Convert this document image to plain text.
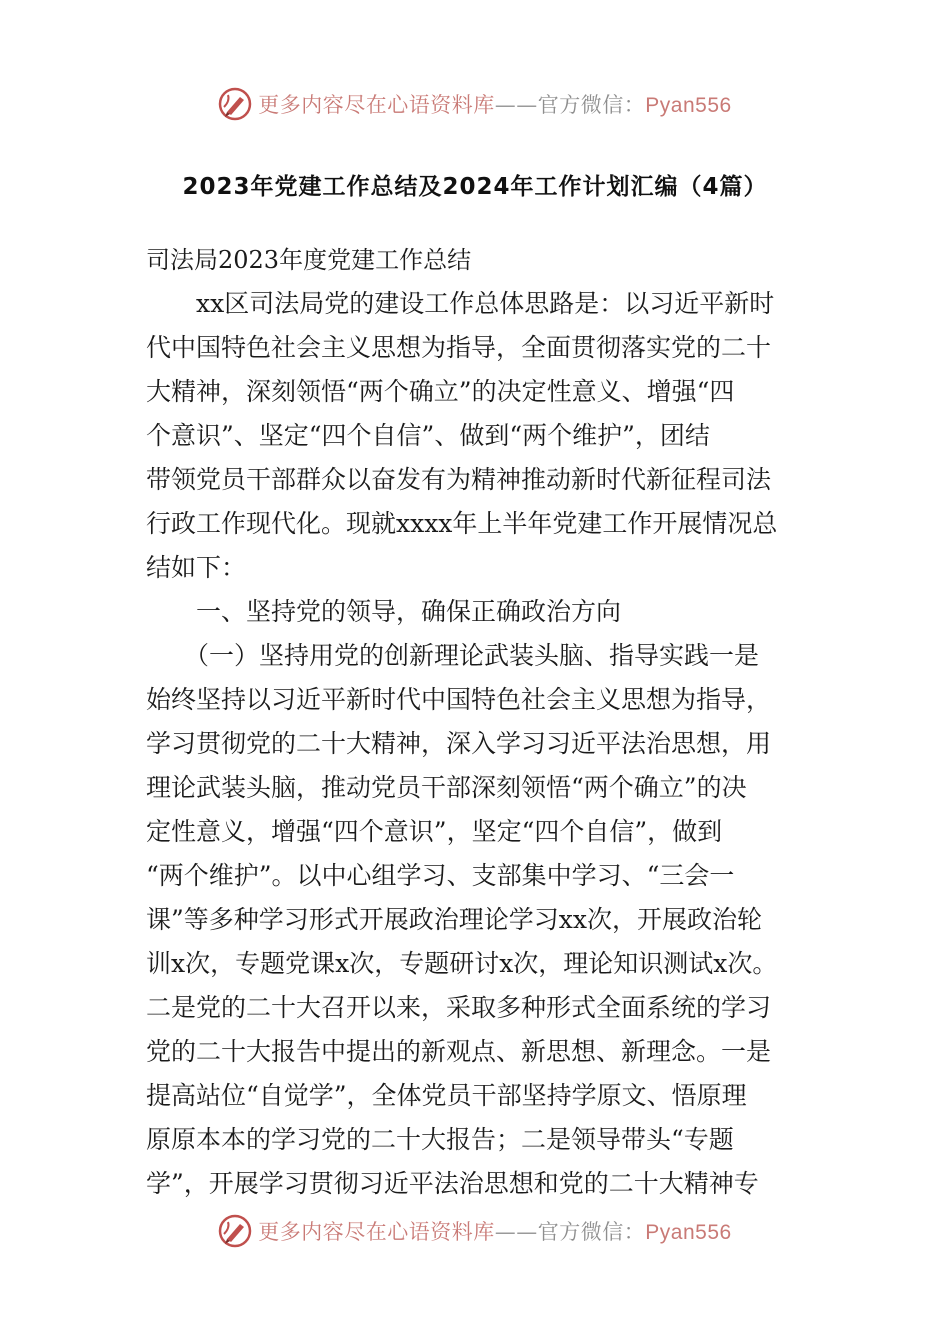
更多内容尽在心语资料库——官方微信：Pyan556
2023年党建工作总结及2024年工作计划汇编（4篇）
司法局2023年度党建工作总结
xx区司法局党的建设工作总体思路是：以习近平新时
代中国特色社会主义思想为指导，全面贯彻落实党的二十
大精神，深刻领悟“两个确立”的决定性意义、增强“四
个意识”、坚定“四个自信”、做到“两个维护”，团结
带领党员干部群众以奋发有为精神推动新时代新征程司法
行政工作现代化。现就xxxx年上半年党建工作开展情况总
结如下：
一、坚持党的领导，确保正确政治方向
（一）坚持用党的创新理论武装头脑、指导实践一是
始终坚持以习近平新时代中国特色社会主义思想为指导，
学习贯彻党的二十大精神，深入学习习近平法治思想，用
理论武装头脑，推动党员干部深刻领悟“两个确立”的决
定性意义，增强“四个意识”，坚定“四个自信”，做到
“两个维护”。以中心组学习、支部集中学习、“三会一
课”等多种学习形式开展政治理论学习xx次，开展政治轮
训x次，专题党课x次，专题研讨x次，理论知识测试x次。
二是党的二十大召开以来，采取多种形式全面系统的学习
党的二十大报告中提出的新观点、新思想、新理念。一是
提高站位“自觉学”，全体党员干部坚持学原文、悟原理
原原本本的学习党的二十大报告；二是领导带头“专题
学”，开展学习贯彻习近平法治思想和党的二十大精神专
更多内容尽在心语资料库——官方微信：Pyan556
